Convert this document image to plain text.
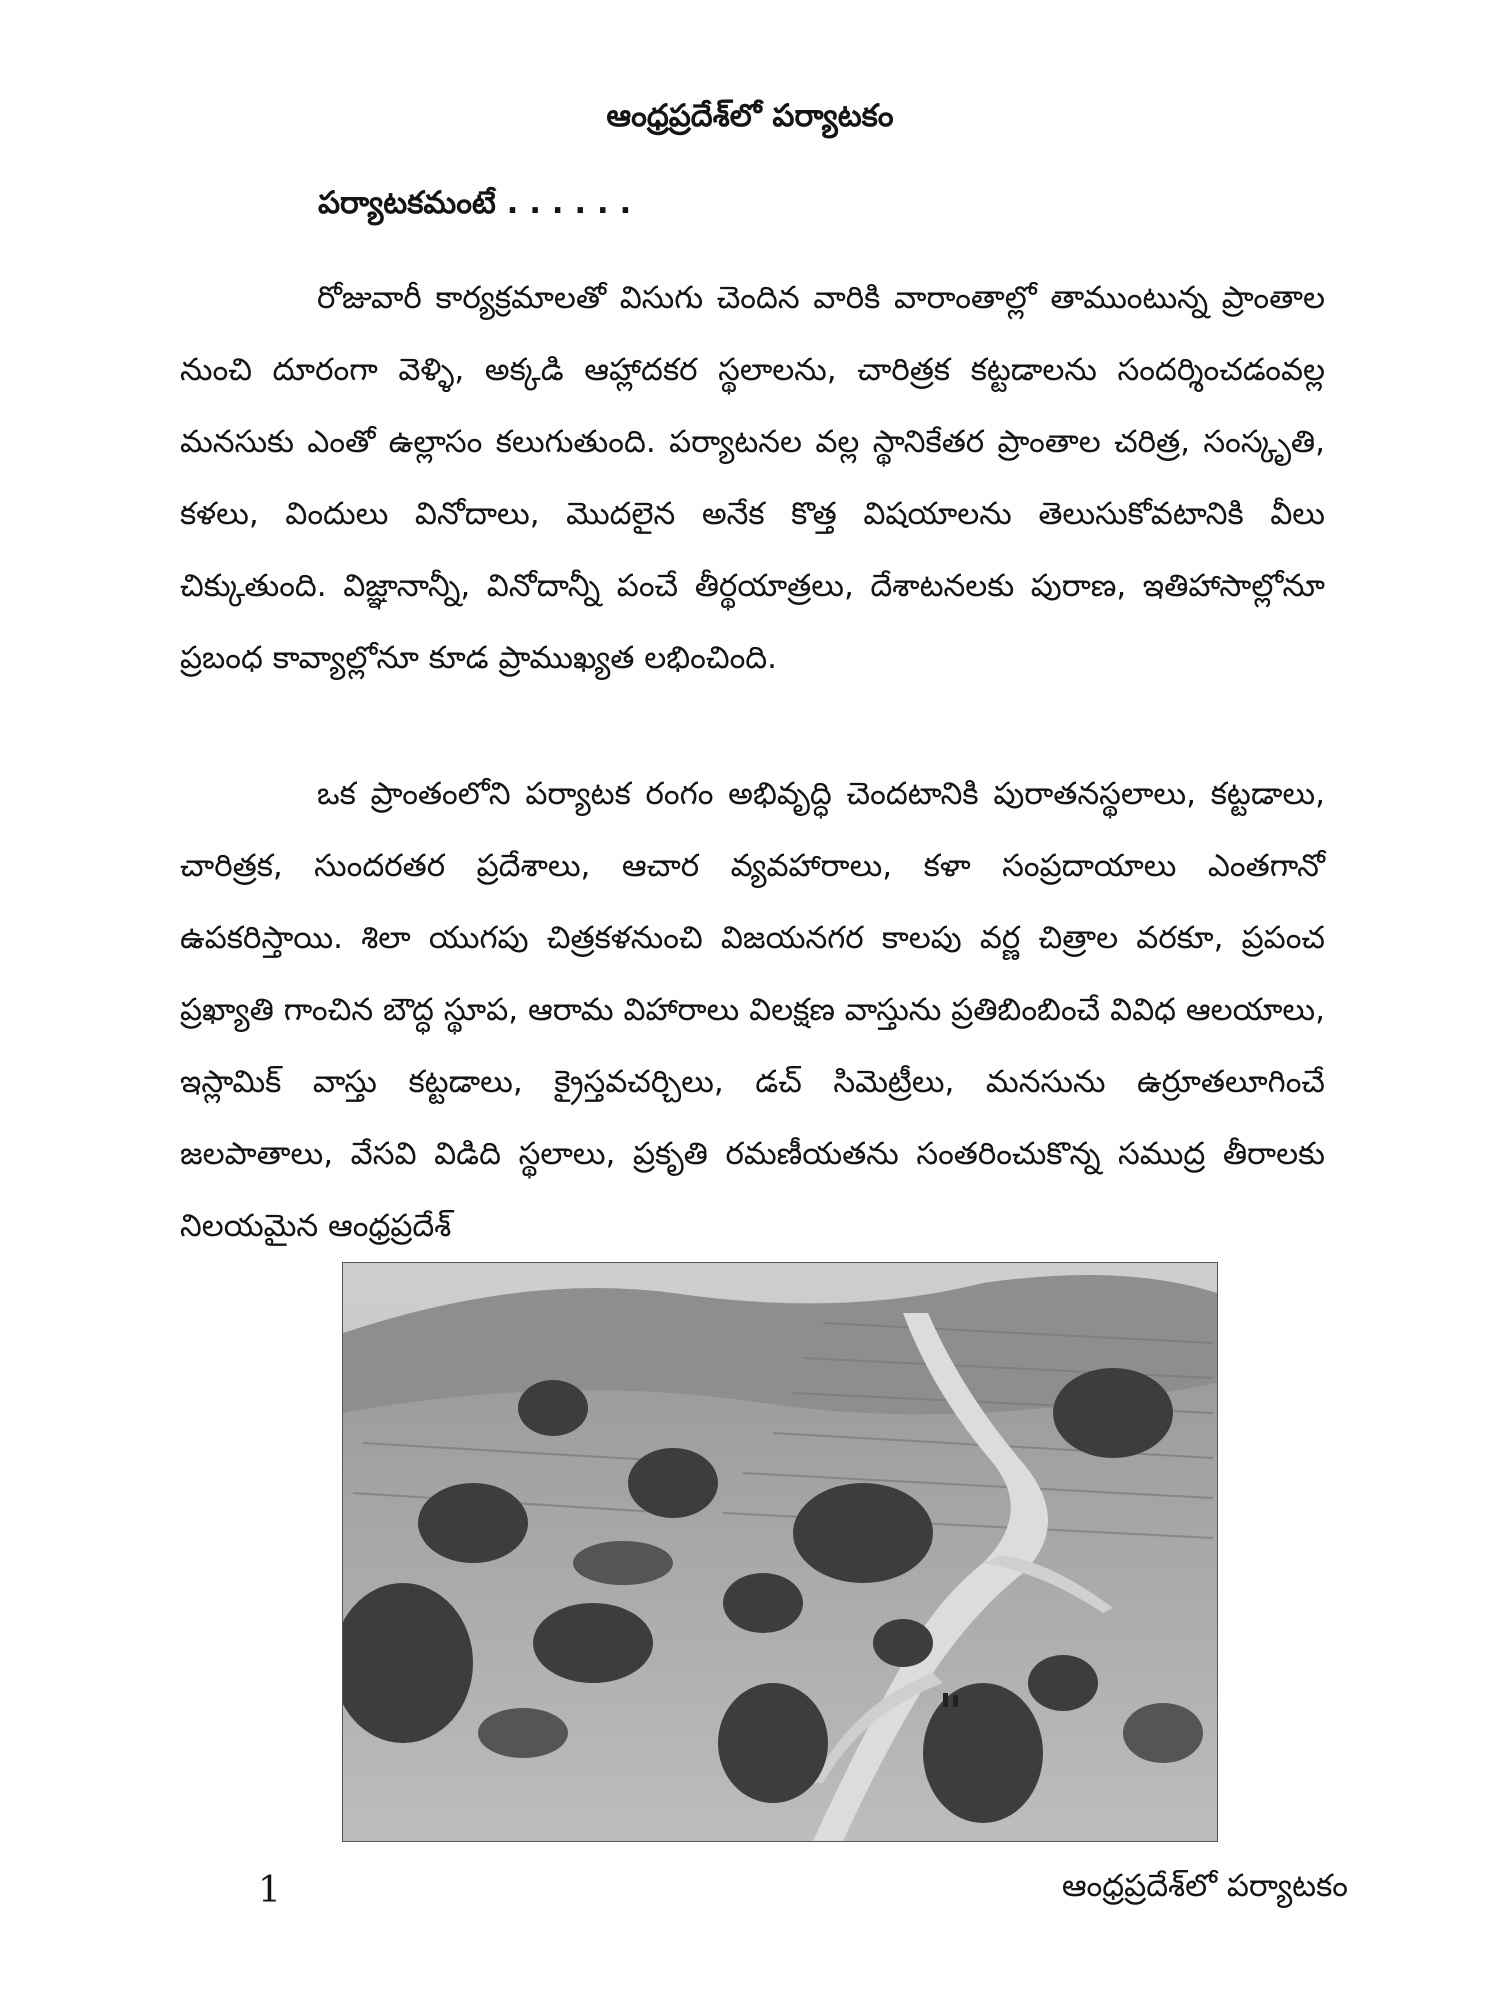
ఆంధ్రప్రదేశ్‌లో పర్యాటకం
పర్యాటకమంటే . . . . . .

రోజువారీ కార్యక్రమాలతో విసుగు చెందిన వారికి వారాంతాల్లో తాముంటున్న ప్రాంతాల నుంచి దూరంగా వెళ్ళి, అక్కడి ఆహ్లాదకర స్థలాలను, చారిత్రక కట్టడాలను సందర్శించడంవల్ల మనసుకు ఎంతో ఉల్లాసం కలుగుతుంది. పర్యాటనల వల్ల స్థానికేతర ప్రాంతాల చరిత్ర, సంస్కృతి, కళలు, విందులు వినోదాలు, మొదలైన అనేక కొత్త విషయాలను తెలుసుకోవటానికి వీలు చిక్కుతుంది. విజ్ఞానాన్నీ, వినోదాన్నీ పంచే తీర్థయాత్రలు, దేశాటనలకు పురాణ, ఇతిహాసాల్లోనూ ప్రబంధ కావ్యాల్లోనూ కూడ ప్రాముఖ్యత లభించింది.

ఒక ప్రాంతంలోని పర్యాటక రంగం అభివృద్ధి చెందటానికి పురాతనస్థలాలు, కట్టడాలు, చారిత్రక, సుందరతర ప్రదేశాలు, ఆచార వ్యవహారాలు, కళా సంప్రదాయాలు ఎంతగానో ఉపకరిస్తాయి. శిలా యుగపు చిత్రకళనుంచి విజయనగర కాలపు వర్ణ చిత్రాల వరకూ, ప్రపంచ ప్రఖ్యాతి గాంచిన బౌద్ధ స్థూప, ఆరామ విహారాలు విలక్షణ వాస్తును ప్రతిబింబించే వివిధ ఆలయాలు, ఇస్లామిక్ వాస్తు కట్టడాలు, క్రైస్తవచర్చిలు, డచ్ సిమెట్రీలు, మనసును ఉర్రూతలూగించే జలపాతాలు, వేసవి విడిది స్థలాలు, ప్రకృతి రమణీయతను సంతరించుకొన్న సముద్ర తీరాలకు నిలయమైన ఆంధ్రప్రదేశ్

1	ఆంధ్రప్రదేశ్‌లో పర్యాటకం
